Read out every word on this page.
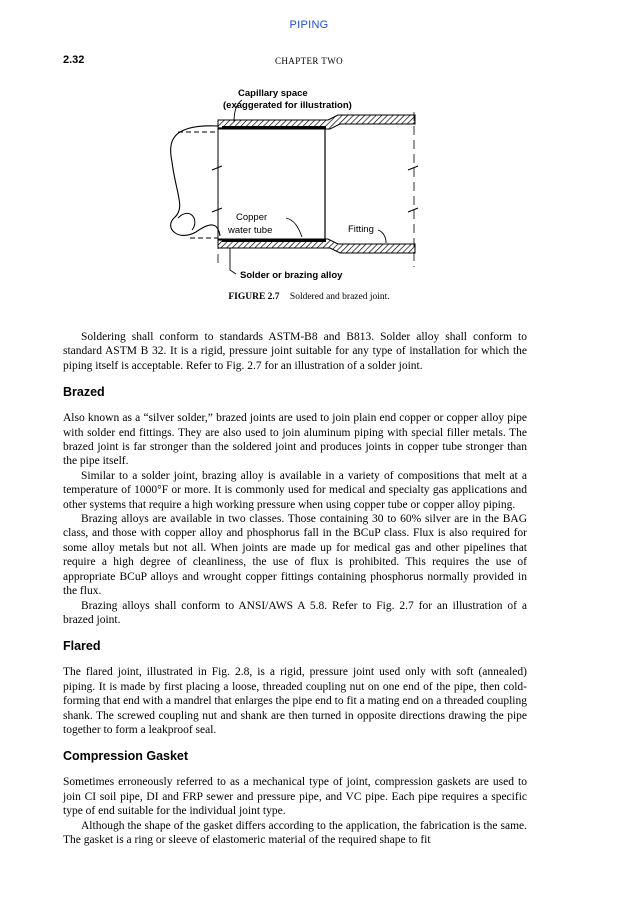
PIPING
2.32	CHAPTER TWO
Capillary space
(exaggerated for illustration)
Copper
water tube	Fitting
Solder or brazing alloy
FIGURE 2.7 Soldered and brazed joint.

Soldering shall conform to standards ASTM-B8 and B813. Solder alloy shall conform to standard ASTM B 32. It is a rigid, pressure joint suitable for any type of installation for which the piping itself is acceptable. Refer to Fig. 2.7 for an illustration of a solder joint.

Brazed

Also known as a “silver solder,” brazed joints are used to join plain end copper or copper alloy pipe with solder end fittings. They are also used to join aluminum piping with special filler metals. The brazed joint is far stronger than the soldered joint and produces joints in copper tube stronger than the pipe itself.

Similar to a solder joint, brazing alloy is available in a variety of compositions that melt at a temperature of 1000°F or more. It is commonly used for medical and specialty gas applications and other systems that require a high working pressure when using copper tube or copper alloy piping.

Brazing alloys are available in two classes. Those containing 30 to 60% silver are in the BAG class, and those with copper alloy and phosphorus fall in the BCuP class. Flux is also required for some alloy metals but not all. When joints are made up for medical gas and other pipelines that require a high degree of cleanliness, the use of flux is prohibited. This requires the use of appropriate BCuP alloys and wrought copper fittings containing phosphorus normally provided in the flux.

Brazing alloys shall conform to ANSI/AWS A 5.8. Refer to Fig. 2.7 for an illustration of a brazed joint.

Flared

The flared joint, illustrated in Fig. 2.8, is a rigid, pressure joint used only with soft (annealed) piping. It is made by first placing a loose, threaded coupling nut on one end of the pipe, then cold-forming that end with a mandrel that enlarges the pipe end to fit a mating end on a threaded coupling shank. The screwed coupling nut and shank are then turned in opposite directions drawing the pipe together to form a leakproof seal.

Compression Gasket

Sometimes erroneously referred to as a mechanical type of joint, compression gaskets are used to join CI soil pipe, DI and FRP sewer and pressure pipe, and VC pipe. Each pipe requires a specific type of end suitable for the individual joint type.

Although the shape of the gasket differs according to the application, the fabrication is the same. The gasket is a ring or sleeve of elastomeric material of the required shape to fit
